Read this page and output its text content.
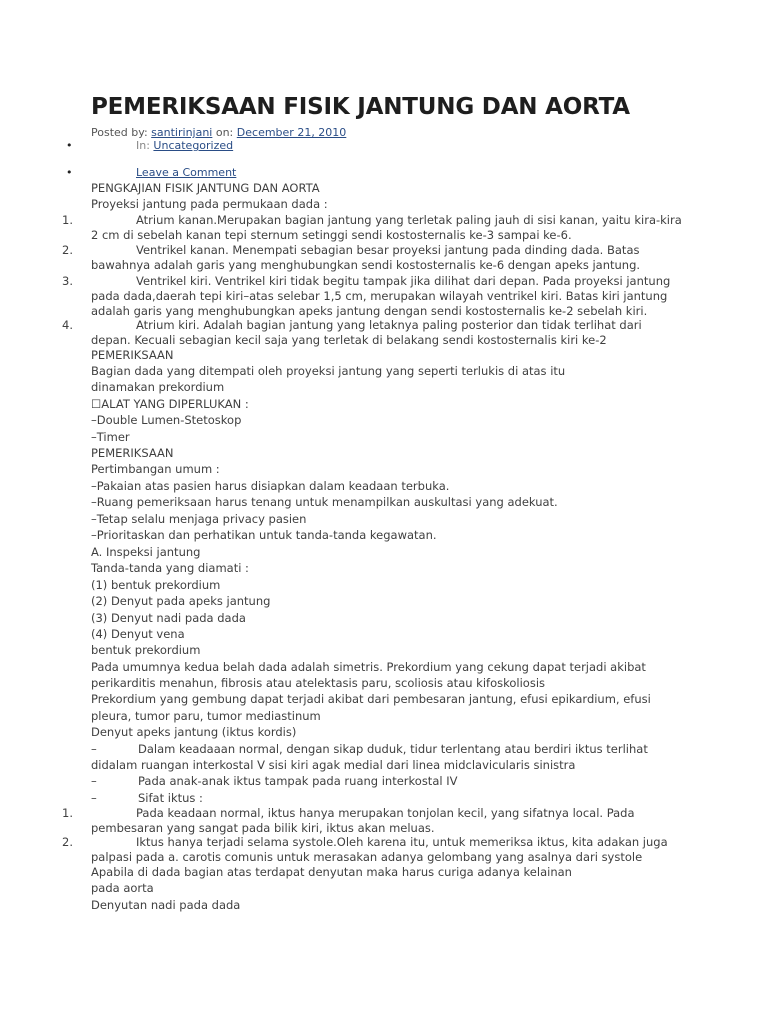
PEMERIKSAAN FISIK JANTUNG DAN AORTA
Posted by: santirinjani on: December 21, 2010
•	In: Uncategorized
•	Leave a Comment
PENGKAJIAN FISIK JANTUNG DAN AORTA
Proyeksi jantung pada permukaan dada :
1.	Atrium kanan.Merupakan bagian jantung yang terletak paling jauh di sisi kanan, yaitu kira-kira
2 cm di sebelah kanan tepi sternum setinggi sendi kostosternalis ke-3 sampai ke-6.
2.	Ventrikel kanan. Menempati sebagian besar proyeksi jantung pada dinding dada. Batas
bawahnya adalah garis yang menghubungkan sendi kostosternalis ke-6 dengan apeks jantung.
3.	Ventrikel kiri. Ventrikel kiri tidak begitu tampak jika dilihat dari depan. Pada proyeksi jantung
pada dada,daerah tepi kiri–atas selebar 1,5 cm, merupakan wilayah ventrikel kiri. Batas kiri jantung
adalah garis yang menghubungkan apeks jantung dengan sendi kostosternalis ke-2 sebelah kiri.
4.	Atrium kiri. Adalah bagian jantung yang letaknya paling posterior dan tidak terlihat dari
depan. Kecuali sebagian kecil saja yang terletak di belakang sendi kostosternalis kiri ke-2
PEMERIKSAAN
Bagian dada yang ditempati oleh proyeksi jantung yang seperti terlukis di atas itu
dinamakan prekordium
☐ALAT YANG DIPERLUKAN :
–Double Lumen-Stetoskop
–Timer
PEMERIKSAAN
Pertimbangan umum :
–Pakaian atas pasien harus disiapkan dalam keadaan terbuka.
–Ruang pemeriksaan harus tenang untuk menampilkan auskultasi yang adekuat.
–Tetap selalu menjaga privacy pasien
–Prioritaskan dan perhatikan untuk tanda-tanda kegawatan.
A. Inspeksi jantung
Tanda-tanda yang diamati :
(1) bentuk prekordium
(2) Denyut pada apeks jantung
(3) Denyut nadi pada dada
(4) Denyut vena
bentuk prekordium
Pada umumnya kedua belah dada adalah simetris. Prekordium yang cekung dapat terjadi akibat
perikarditis menahun, fibrosis atau atelektasis paru, scoliosis atau kifoskoliosis
Prekordium yang gembung dapat terjadi akibat dari pembesaran jantung, efusi epikardium, efusi
pleura, tumor paru, tumor mediastinum
Denyut apeks jantung (iktus kordis)
–	Dalam keadaaan normal, dengan sikap duduk, tidur terlentang atau berdiri iktus terlihat
didalam ruangan interkostal V sisi kiri agak medial dari linea midclavicularis sinistra
–	Pada anak-anak iktus tampak pada ruang interkostal IV
–	Sifat iktus :
1.	Pada keadaan normal, iktus hanya merupakan tonjolan kecil, yang sifatnya local. Pada
pembesaran yang sangat pada bilik kiri, iktus akan meluas.
2.	Iktus hanya terjadi selama systole.Oleh karena itu, untuk memeriksa iktus, kita adakan juga
palpasi pada a. carotis comunis untuk merasakan adanya gelombang yang asalnya dari systole
Apabila di dada bagian atas terdapat denyutan maka harus curiga adanya kelainan
pada aorta
Denyutan nadi pada dada
